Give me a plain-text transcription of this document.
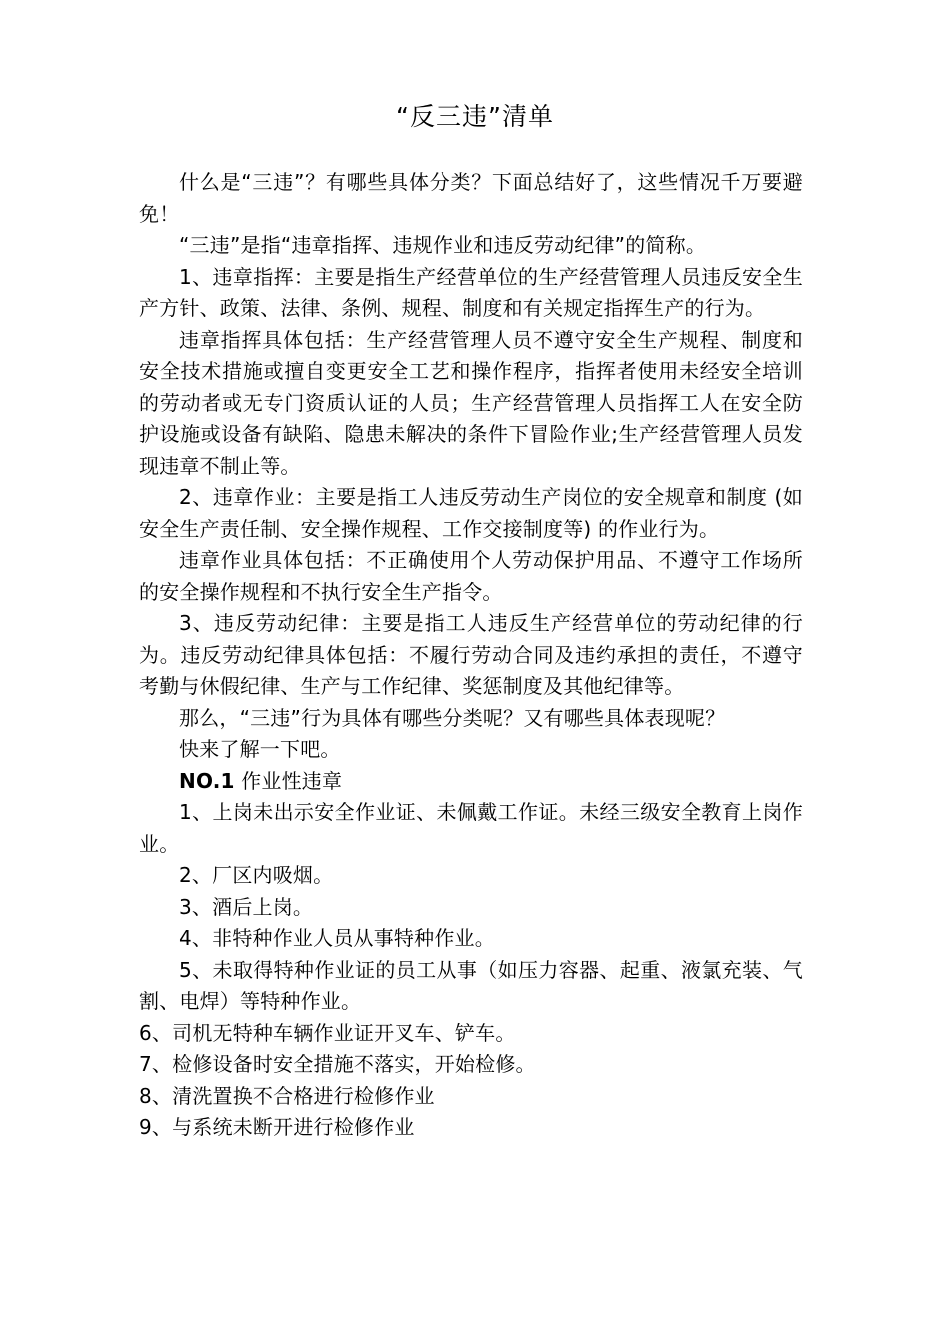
“反三违”清单

什么是“三违”？有哪些具体分类？下面总结好了，这些情况千万要避免！

“三违”是指“违章指挥、违规作业和违反劳动纪律”的简称。

1、违章指挥：主要是指生产经营单位的生产经营管理人员违反安全生产方针、政策、法律、条例、规程、制度和有关规定指挥生产的行为。

违章指挥具体包括：生产经营管理人员不遵守安全生产规程、制度和安全技术措施或擅自变更安全工艺和操作程序，指挥者使用未经安全培训的劳动者或无专门资质认证的人员；生产经营管理人员指挥工人在安全防护设施或设备有缺陷、隐患未解决的条件下冒险作业;生产经营管理人员发现违章不制止等。

2、违章作业：主要是指工人违反劳动生产岗位的安全规章和制度 (如安全生产责任制、安全操作规程、工作交接制度等) 的作业行为。

违章作业具体包括：不正确使用个人劳动保护用品、不遵守工作场所的安全操作规程和不执行安全生产指令。

3、违反劳动纪律：主要是指工人违反生产经营单位的劳动纪律的行为。违反劳动纪律具体包括：不履行劳动合同及违约承担的责任，不遵守考勤与休假纪律、生产与工作纪律、奖惩制度及其他纪律等。

那么，“三违”行为具体有哪些分类呢？又有哪些具体表现呢？

快来了解一下吧。

NO.1 作业性违章

1、上岗未出示安全作业证、未佩戴工作证。未经三级安全教育上岗作业。

2、厂区内吸烟。

3、酒后上岗。

4、非特种作业人员从事特种作业。

5、未取得特种作业证的员工从事（如压力容器、起重、液氯充装、气割、电焊）等特种作业。

6、司机无特种车辆作业证开叉车、铲车。

7、检修设备时安全措施不落实，开始检修。

8、清洗置换不合格进行检修作业

9、与系统未断开进行检修作业
